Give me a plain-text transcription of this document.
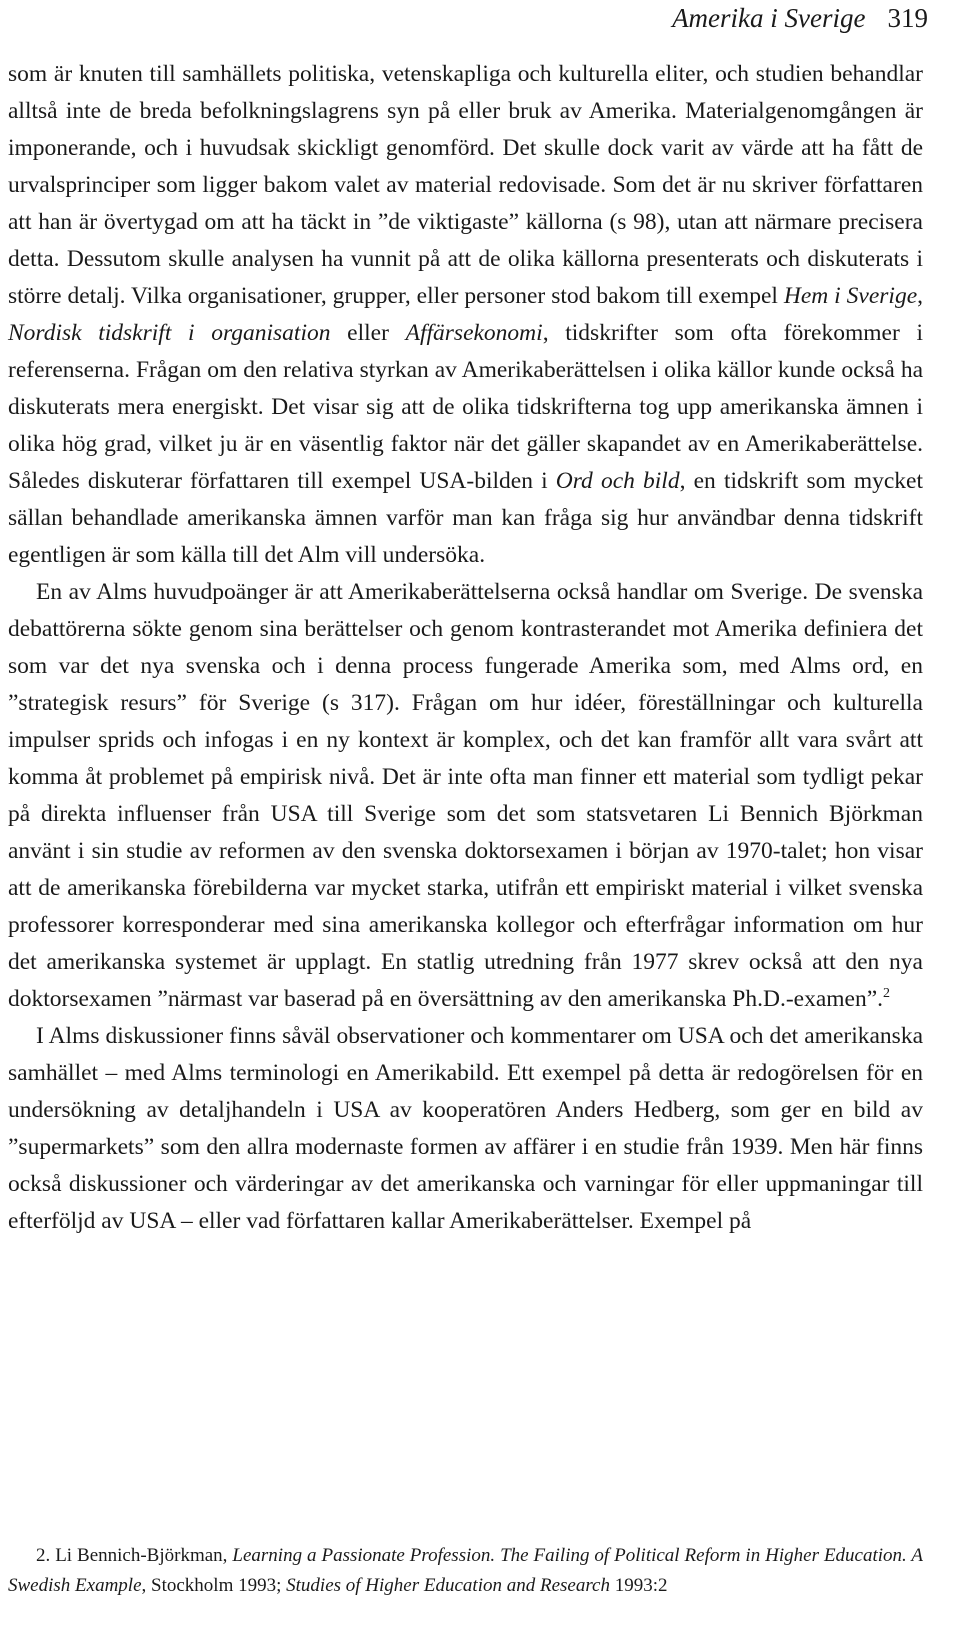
Amerika i Sverige 319

som är knuten till samhällets politiska, vetenskapliga och kulturella eliter, och studien behandlar alltså inte de breda befolkningslagrens syn på eller bruk av Amerika. Materialgenomgången är imponerande, och i huvudsak skickligt genomförd. Det skulle dock varit av värde att ha fått de urvalsprinciper som ligger bakom valet av material redovisade. Som det är nu skriver författaren att han är övertygad om att ha täckt in ”de viktigaste” källorna (s 98), utan att närmare precisera detta. Dessutom skulle analysen ha vunnit på att de olika källorna presenterats och diskuterats i större detalj. Vilka organisationer, grupper, eller personer stod bakom till exempel Hem i Sverige, Nordisk tidskrift i organisation eller Affärsekonomi, tidskrifter som ofta förekommer i referenserna. Frågan om den relativa styrkan av Amerikaberättelsen i olika källor kunde också ha diskuterats mera energiskt. Det visar sig att de olika tidskrifterna tog upp amerikanska ämnen i olika hög grad, vilket ju är en väsentlig faktor när det gäller skapandet av en Amerikaberättelse. Således diskuterar författaren till exempel USA-bilden i Ord och bild, en tidskrift som mycket sällan behandlade amerikanska ämnen varför man kan fråga sig hur användbar denna tidskrift egentligen är som källa till det Alm vill undersöka.

En av Alms huvudpoänger är att Amerikaberättelserna också handlar om Sverige. De svenska debattörerna sökte genom sina berättelser och genom kontrasterandet mot Amerika definiera det som var det nya svenska och i denna process fungerade Amerika som, med Alms ord, en ”strategisk resurs” för Sverige (s 317). Frågan om hur idéer, föreställningar och kulturella impulser sprids och infogas i en ny kontext är komplex, och det kan framför allt vara svårt att komma åt problemet på empirisk nivå. Det är inte ofta man finner ett material som tydligt pekar på direkta influenser från USA till Sverige som det som statsvetaren Li Bennich Björkman använt i sin studie av reformen av den svenska doktorsexamen i början av 1970-talet; hon visar att de amerikanska förebilderna var mycket starka, utifrån ett empiriskt material i vilket svenska professorer korresponderar med sina amerikanska kollegor och efterfrågar information om hur det amerikanska systemet är upplagt. En statlig utredning från 1977 skrev också att den nya doktorsexamen ”närmast var baserad på en översättning av den amerikanska Ph.D.-examen”.$^2$

I Alms diskussioner finns såväl observationer och kommentarer om USA och det amerikanska samhället – med Alms terminologi en Amerikabild. Ett exempel på detta är redogörelsen för en undersökning av detaljhandeln i USA av kooperatören Anders Hedberg, som ger en bild av ”supermarkets” som den allra modernaste formen av affärer i en studie från 1939. Men här finns också diskussioner och värderingar av det amerikanska och varningar för eller uppmaningar till efterföljd av USA – eller vad författaren kallar Amerikaberättelser. Exempel på

2. Li Bennich-Björkman, Learning a Passionate Profession. The Failing of Political Reform in Higher Education. A Swedish Example, Stockholm 1993; Studies of Higher Education and Research 1993:2
